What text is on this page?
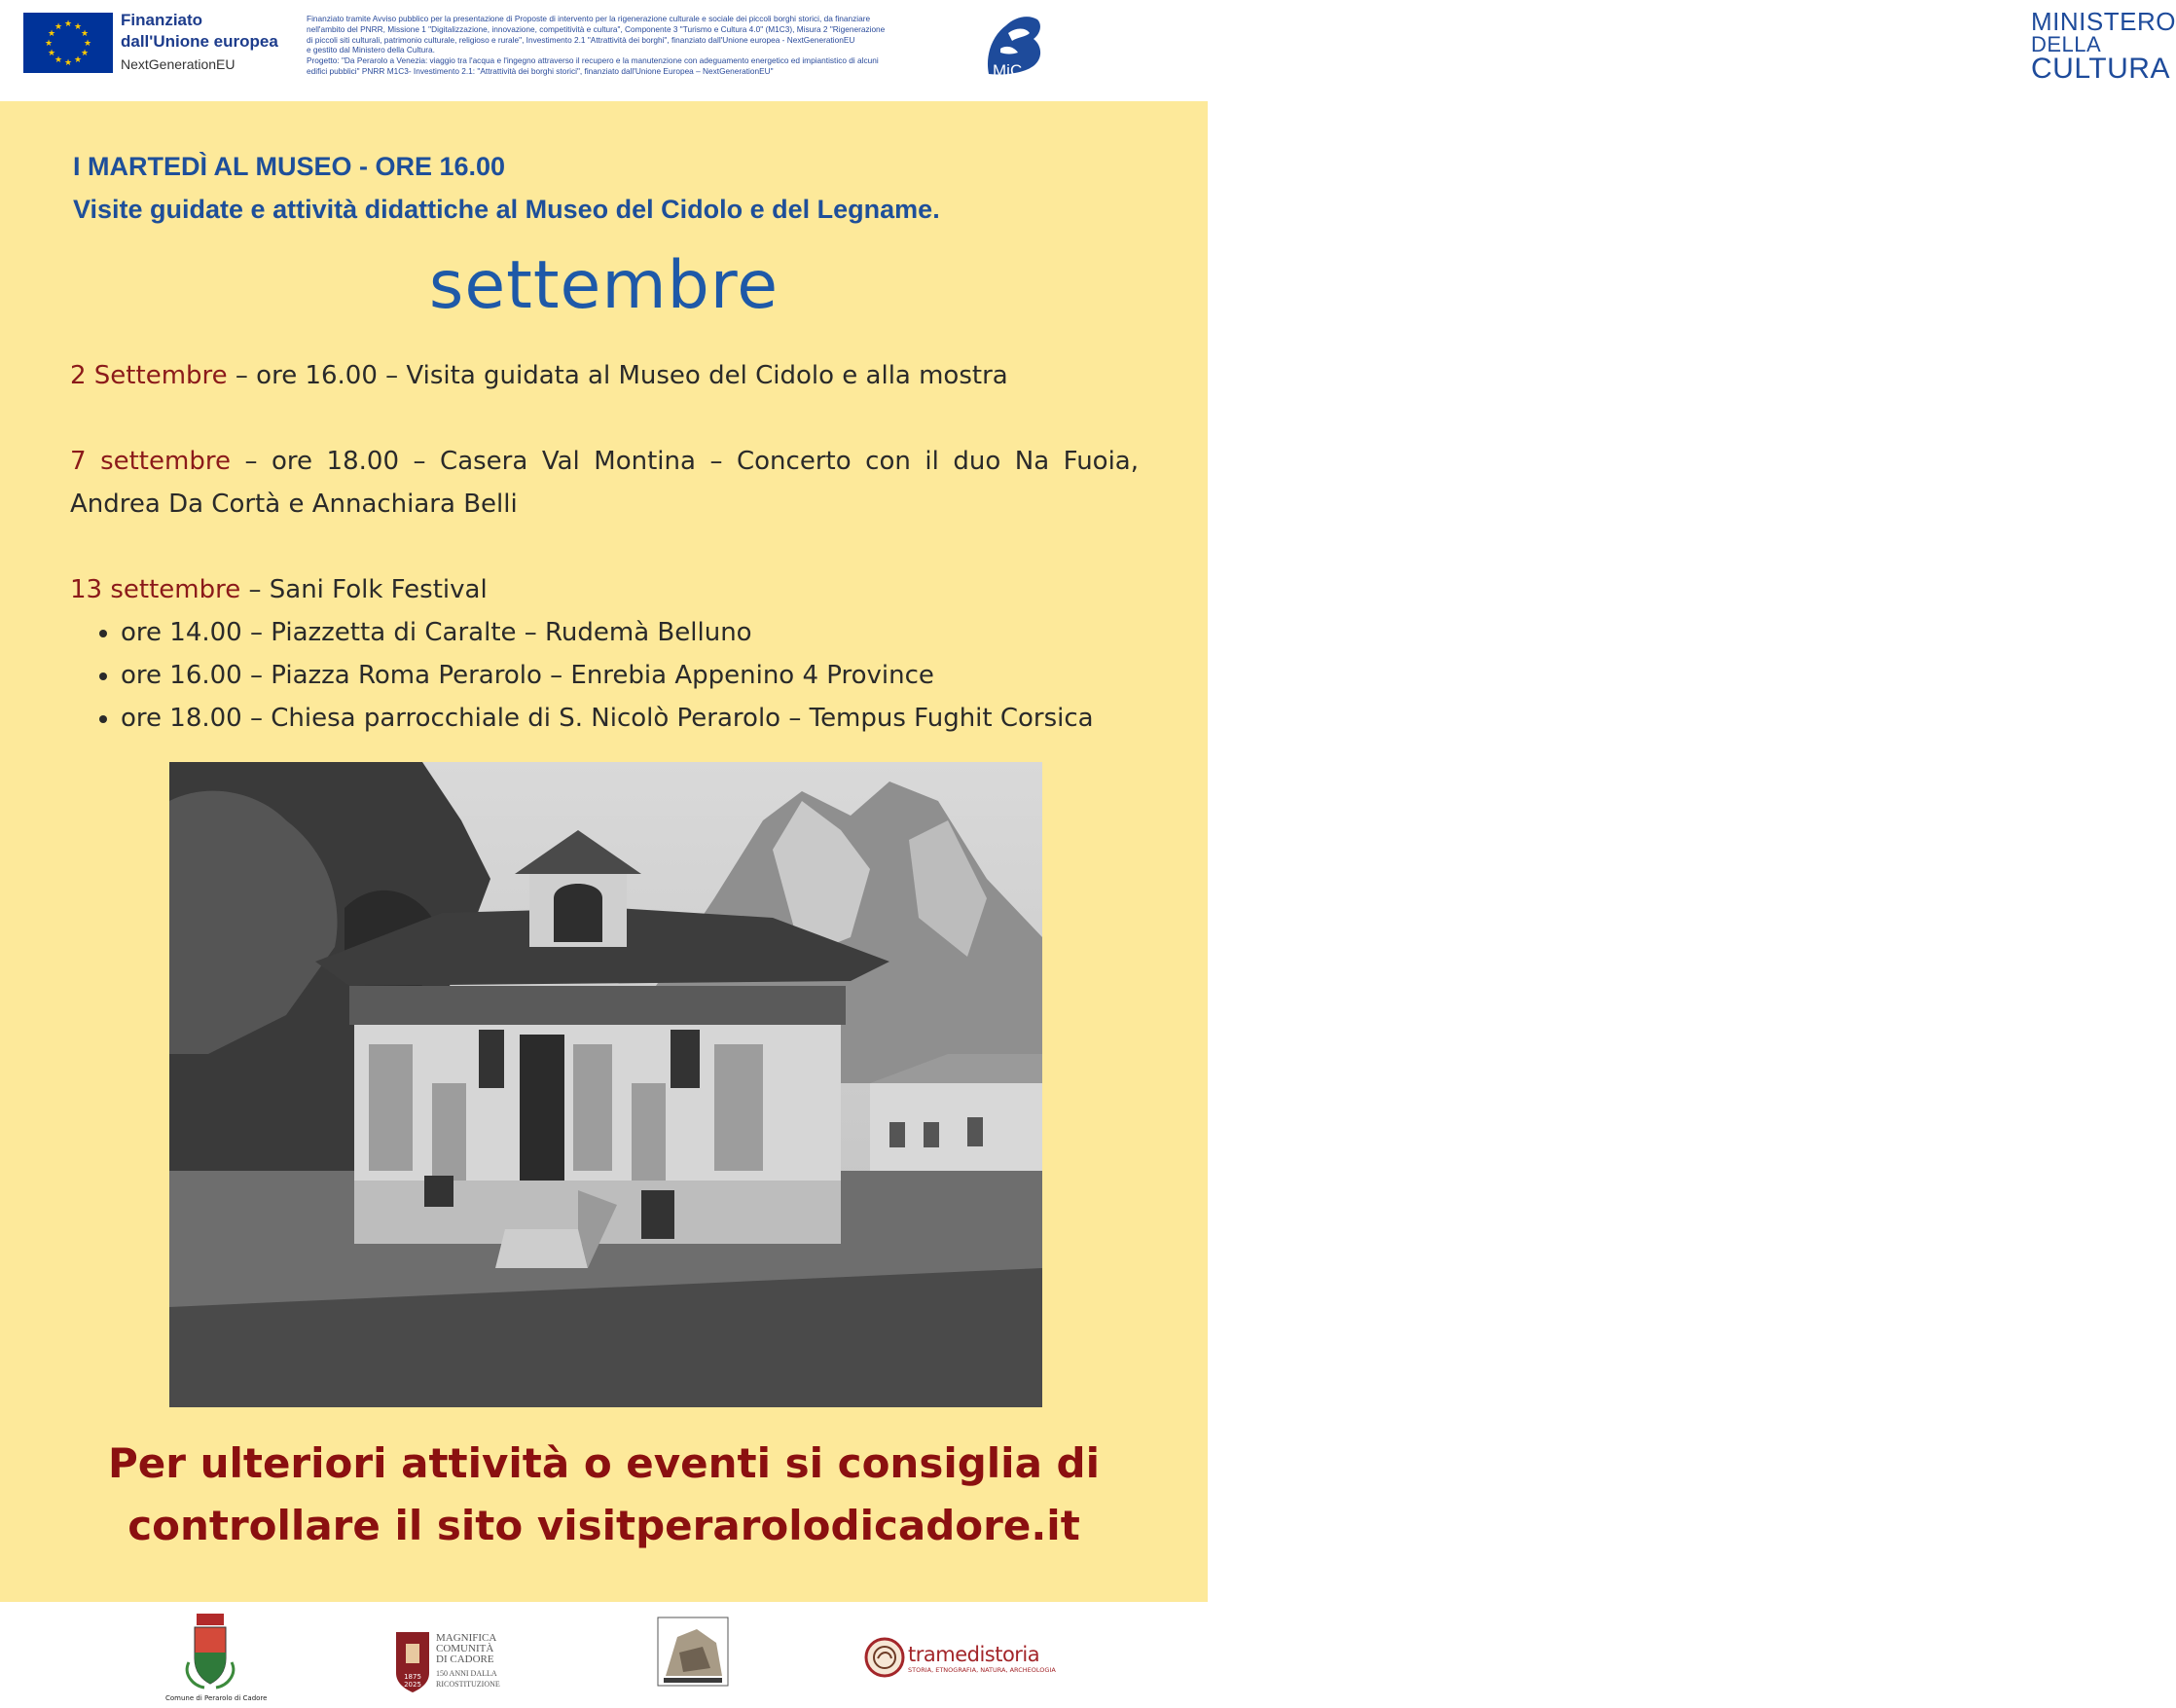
★ ★
★
★
★
★
★
★
★
★
★
★	Finanziato
dall'Unione europea
NextGenerationEU
Finanziato tramite Avviso pubblico per la presentazione di Proposte di intervento per la rigenerazione culturale e sociale dei piccoli borghi storici, da finanziare
nell'ambito del PNRR, Missione 1 "Digitalizzazione, innovazione, competitività e cultura", Componente 3 "Turismo e Cultura 4.0" (M1C3), Misura 2 "Rigenerazione
di piccoli siti culturali, patrimonio culturale, religioso e rurale", Investimento 2.1 "Attrattività dei borghi", finanziato dall'Unione europea - NextGenerationEU
e gestito dal Ministero della Cultura.
Progetto: "Da Perarolo a Venezia: viaggio tra l'acqua e l'ingegno attraverso il recupero e la manutenzione con adeguamento energetico ed impiantistico di alcuni
edifici pubblici" PNRR M1C3- Investimento 2.1: "Attrattività dei borghi storici", finanziato dall'Unione Europea – NextGenerationEU"	MiC
MINISTERO
DELLA
CULTURA
I MARTEDÌ AL MUSEO - ORE 16.00
Visite guidate e attività didattiche al Museo del Cidolo e del Legname.
settembre

2 Settembre – ore 16.00 – Visita guidata al Museo del Cidolo e alla mostra

7 settembre – ore 18.00 – Casera Val Montina – Concerto con il duo Na Fuoia, Andrea Da Cortà e Annachiara Belli

13 settembre – Sani Folk Festival

• ore 14.00 – Piazzetta di Caralte – Rudemà Belluno
• ore 16.00 – Piazza Roma Perarolo – Enrebia Appenino 4 Province
• ore 18.00 – Chiesa parrocchiale di S. Nicolò Perarolo – Tempus Fughit Corsica
Per ulteriori attività o eventi si consiglia di
controllare il sito visitperarolodicadore.it
Comune di Perarolo di Cadore
1875
2025
MAGNIFICA
COMUNITÀ
DI CADORE
150 ANNI DALLA
RICOSTITUZIONE
tramedistoria
STORIA, ETNOGRAFIA, NATURA, ARCHEOLOGIA
